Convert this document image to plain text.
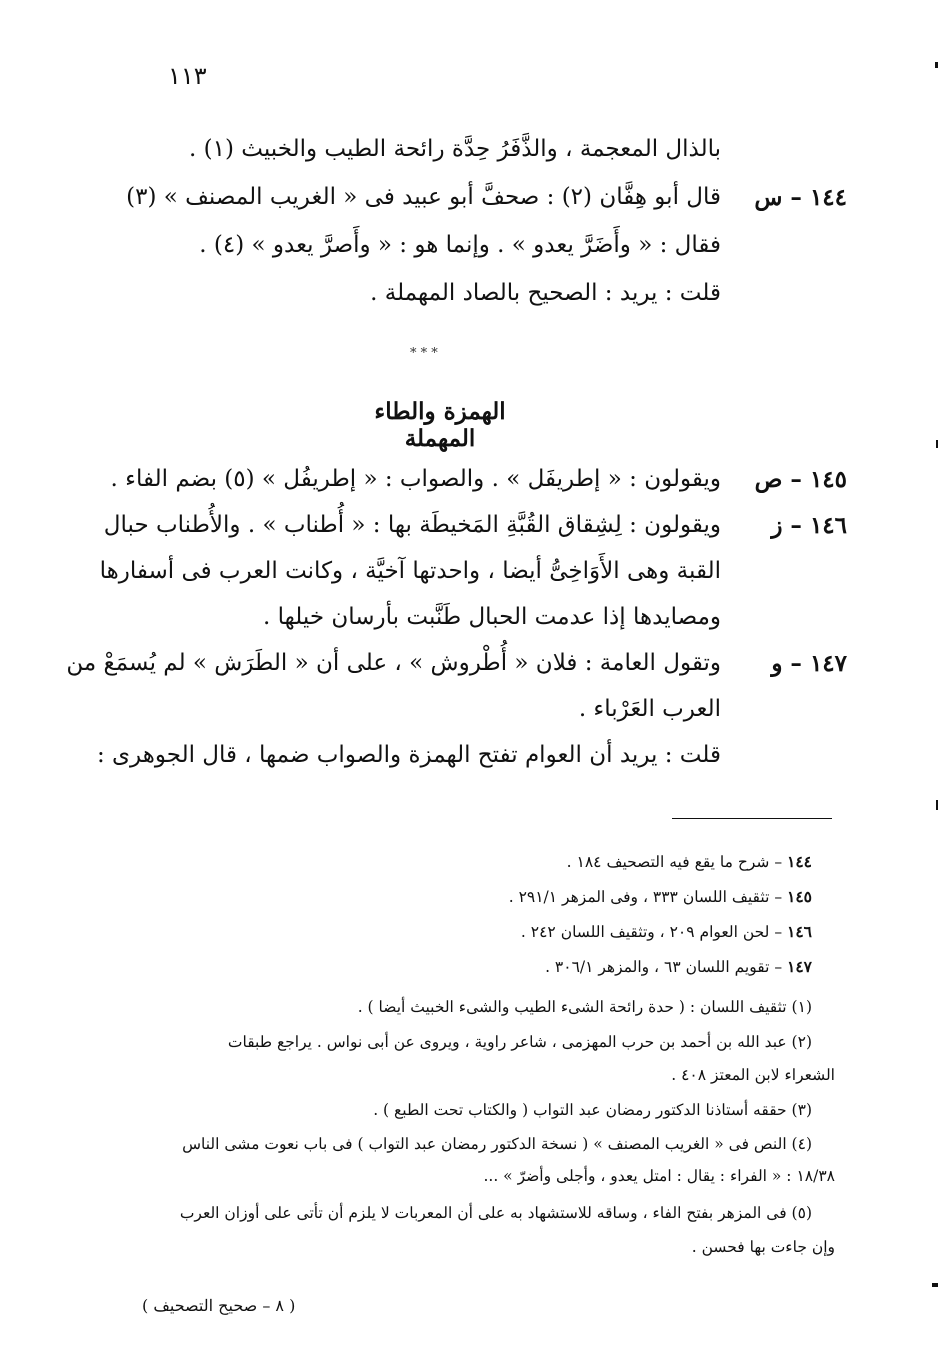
١١٣
بالذال المعجمة ، والذَّفَرُ حِدَّة رائحة الطيب والخبيث (١) .
١٤٤ – س
قال أبو هِفَّان (٢) : صحفَّ أبو عبيد فى « الغريب المصنف » (٣)
فقال : « وأَضَرَّ يعدو » . وإنما هو : « وأَصرَّ يعدو » (٤) .
قلت : يريد : الصحيح بالصاد المهملة .
* * *
الهمزة والطاء المهملة
١٤٥ – ص
ويقولون : « إطريفَل » . والصواب : « إطريفُل » (٥) بضم الفاء .
١٤٦ – ز
ويقولون : لِشِقاق القُبَّةِ المَخيطَة بها : « أُطناب » . والأُطناب حبال
القبة وهى الأَوَاخِىُّ أيضا ، واحدتها آخيَّة ، وكانت العرب فى أسفارها
ومصايدها إذا عدمت الحبال طَنَّبت بأرسان خيلها .
١٤٧ – و
وتقول العامة : فلان « أُطْروش » ، على أن « الطَرَش » لم يُسمَعْ من
العرب العَرْباء .
قلت : يريد أن العوام تفتح الهمزة والصواب ضمها ، قال الجوهرى :
١٤٤ – شرح ما يقع فيه التصحيف ١٨٤ .
١٤٥ – تثقيف اللسان ٣٣٣ ، وفى المزهر ٢٩١/١ .
١٤٦ – لحن العوام ٢٠٩ ، وتثقيف اللسان ٢٤٢ .
١٤٧ – تقويم اللسان ٦٣ ، والمزهر ٣٠٦/١ .
(١) تثقيف اللسان : ( حدة رائحة الشىء الطيب والشىء الخبيث أيضا ) .
(٢) عبد الله بن أحمد بن حرب المهزمى ، شاعر راوية ، ويروى عن أبى نواس . يراجع طبقات
الشعراء لابن المعتز ٤٠٨ .
(٣) حققه أستاذنا الدكتور رمضان عبد التواب ( والكتاب تحت الطبع ) .
(٤) النص فى « الغريب المصنف » ( نسخة الدكتور رمضان عبد التواب ) فى باب نعوت مشى الناس
١٨/٣٨ : « الفراء : يقال : امتل يعدو ، وأجلى وأضرّ » ...
(٥) فى المزهر بفتح الفاء ، وساقه للاستشهاد به على أن المعربات لا يلزم أن تأتى على أوزان العرب
وإن جاءت بها فحسن .
( ٨ – صحيح التصحيف )
